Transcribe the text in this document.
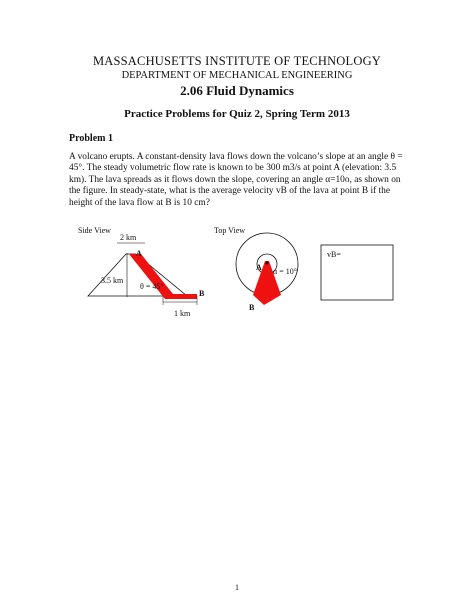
MASSACHUSETTS INSTITUTE OF TECHNOLOGY
DEPARTMENT OF MECHANICAL ENGINEERING
2.06 Fluid Dynamics
Practice Problems for Quiz 2, Spring Term 2013
Problem 1
A volcano erupts. A constant-density lava flows down the volcano’s slope at an angle θ = 45°. The steady volumetric flow rate is known to be 300 m3/s at point A (elevation: 3.5 km). The lava spreads as it flows down the slope, covering an angle α=10o, as shown on the figure. In steady-state, what is the average velocity vB of the lava at point B if the height of the lava flow at B is 10 cm?
Side View
2 km
3.5 km
θ = 45°
A
B
1 km
Top View
A α = 10°
B
vB=
1
